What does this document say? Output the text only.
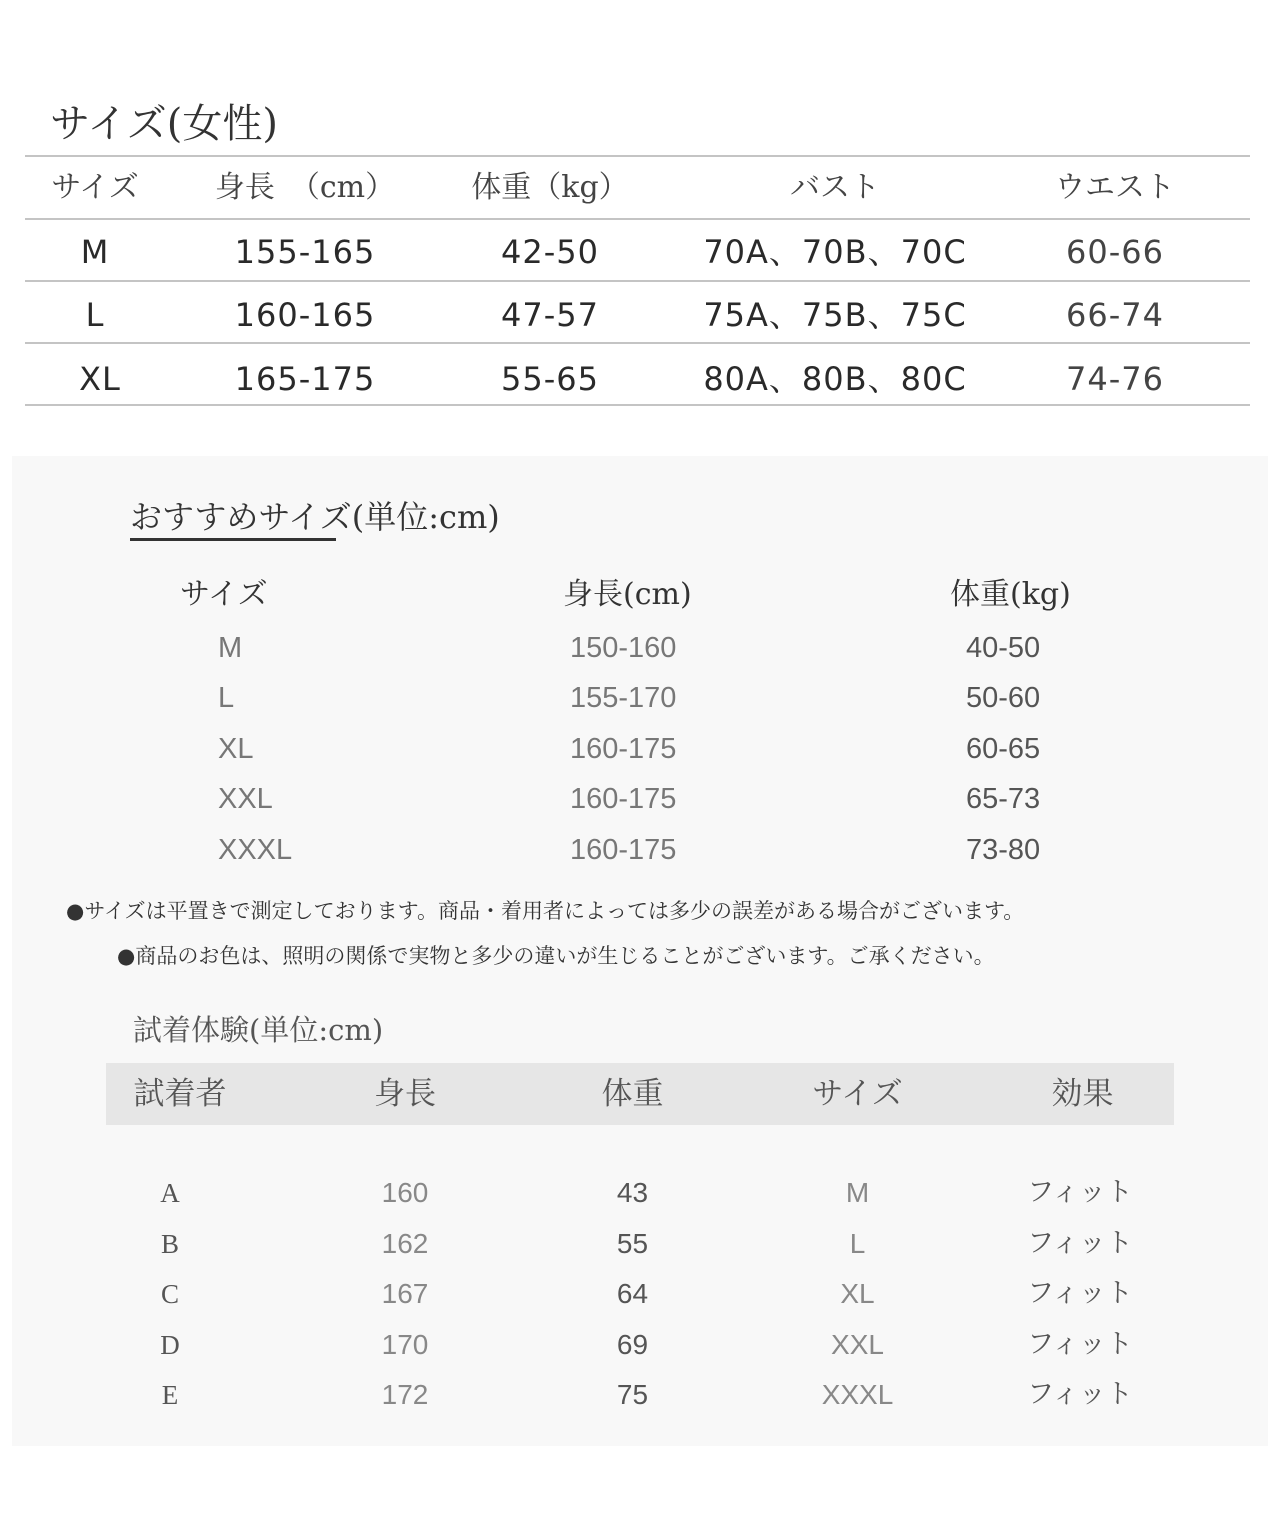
サイズ(女性)
サイズ	身長　（cm）	体重（kg）	バスト	ウエスト
M	155-165	42-50	70A、70B、70C	60-66
L	160-165	47-57	75A、75B、75C	66-74
XL	165-175	55-65	80A、80B、80C	74-76
おすすめサイズ(単位:cm)
サイズ	身長(cm)	体重(kg)
M	150-160	40-50
L	155-170	50-60
XL	160-175	60-65
XXL	160-175	65-73
XXXL	160-175	73-80
●サイズは平置きで測定しております。商品・着用者によっては多少の誤差がある場合がございます。
●商品のお色は、照明の関係で実物と多少の違いが生じることがございます。ご承ください。
試着体験(単位:cm)
試着者	身長	体重	サイズ	効果
A	160	43	M	フィット
B	162	55	L	フィット
C	167	64	XL	フィット
D	170	69	XXL	フィット
E	172	75	XXXL	フィット
